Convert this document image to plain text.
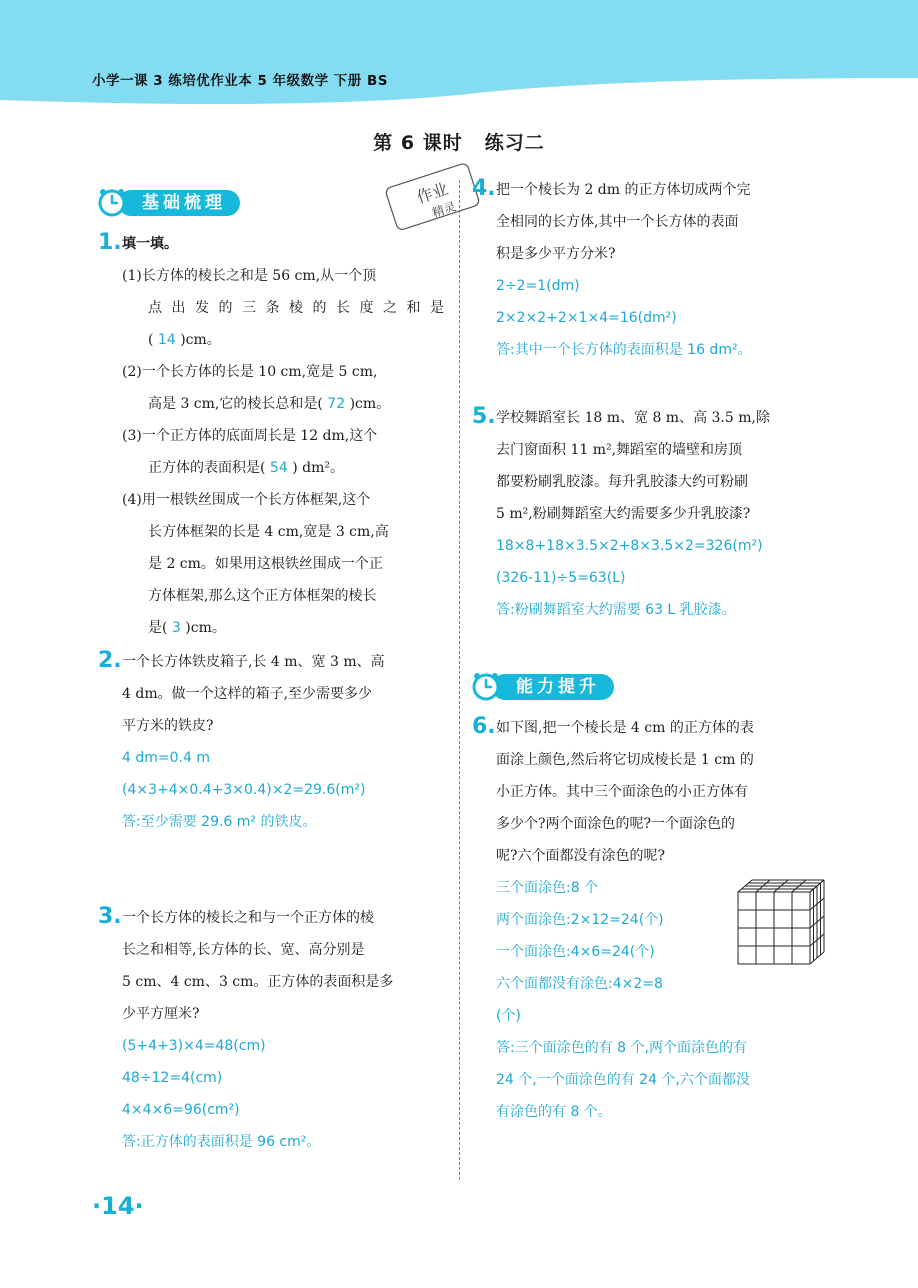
小学一课 3 练培优作业本 5 年级数学 下册 BS
第 6 课时 练习二
作业
精灵
基础梳理
1. 填一填。
(1)长方体的棱长之和是 56 cm,从一个顶
点出发的三条棱的长度之和是
( 14 )cm。
(2)一个长方体的长是 10 cm,宽是 5 cm,
高是 3 cm,它的棱长总和是( 72 )cm。
(3)一个正方体的底面周长是 12 dm,这个
正方体的表面积是( 54 ) dm²。
(4)用一根铁丝围成一个长方体框架,这个
长方体框架的长是 4 cm,宽是 3 cm,高
是 2 cm。如果用这根铁丝围成一个正
方体框架,那么这个正方体框架的棱长
是( 3 )cm。
2. 一个长方体铁皮箱子,长 4 m、宽 3 m、高
4 dm。做一个这样的箱子,至少需要多少
平方米的铁皮?
4 dm=0.4 m
(4×3+4×0.4+3×0.4)×2=29.6(m²)
答:至少需要 29.6 m² 的铁皮。
3. 一个长方体的棱长之和与一个正方体的棱
长之和相等,长方体的长、宽、高分别是
5 cm、4 cm、3 cm。正方体的表面积是多
少平方厘米?
(5+4+3)×4=48(cm)
48÷12=4(cm)
4×4×6=96(cm²)
答:正方体的表面积是 96 cm²。
4. 把一个棱长为 2 dm 的正方体切成两个完
全相同的长方体,其中一个长方体的表面
积是多少平方分米?
2÷2=1(dm)
2×2×2+2×1×4=16(dm²)
答:其中一个长方体的表面积是 16 dm²。
5. 学校舞蹈室长 18 m、宽 8 m、高 3.5 m,除
去门窗面积 11 m²,舞蹈室的墙壁和房顶
都要粉刷乳胶漆。每升乳胶漆大约可粉刷
5 m²,粉刷舞蹈室大约需要多少升乳胶漆?
18×8+18×3.5×2+8×3.5×2=326(m²)
(326-11)÷5=63(L)
答:粉刷舞蹈室大约需要 63 L 乳胶漆。
能力提升
6. 如下图,把一个棱长是 4 cm 的正方体的表
面涂上颜色,然后将它切成棱长是 1 cm 的
小正方体。其中三个面涂色的小正方体有
多少个?两个面涂色的呢?一个面涂色的
呢?六个面都没有涂色的呢?
三个面涂色:8 个
两个面涂色:2×12=24(个)
一个面涂色:4×6=24(个)
六个面都没有涂色:4×2=8
(个)
答:三个面涂色的有 8 个,两个面涂色的有
24 个,一个面涂色的有 24 个,六个面都没
有涂色的有 8 个。
·14·
